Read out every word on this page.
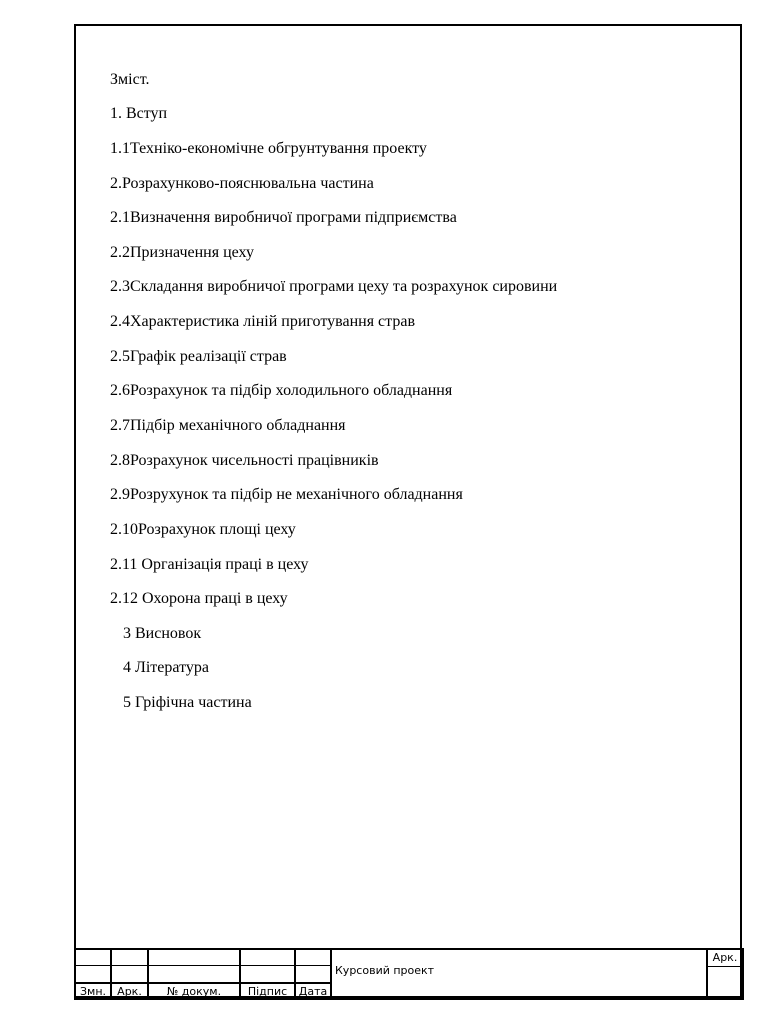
Зміст.
1. Вступ
1.1Техніко-економічне обгрунтування проекту
2.Розрахунково-пояснювальна частина
2.1Визначення виробничої програми підприємства
2.2Призначення цеху
2.3Складання виробничої програми цеху та розрахунок сировини
2.4Характеристика ліній приготування страв
2.5Графік реалізації страв
2.6Розрахунок та підбір холодильного обладнання
2.7Підбір механічного обладнання
2.8Розрахунок чисельності працівників
2.9Розрухунок та підбір не механічного обладнання
2.10Розрахунок площі цеху
2.11 Організація праці в цеху
2.12 Охорона праці в цеху
3 Висновок
4 Література
5 Гріфічна частина
Змн.	Арк.	№ докум.	Підпис	Дата
Курсовий проект
Арк.
